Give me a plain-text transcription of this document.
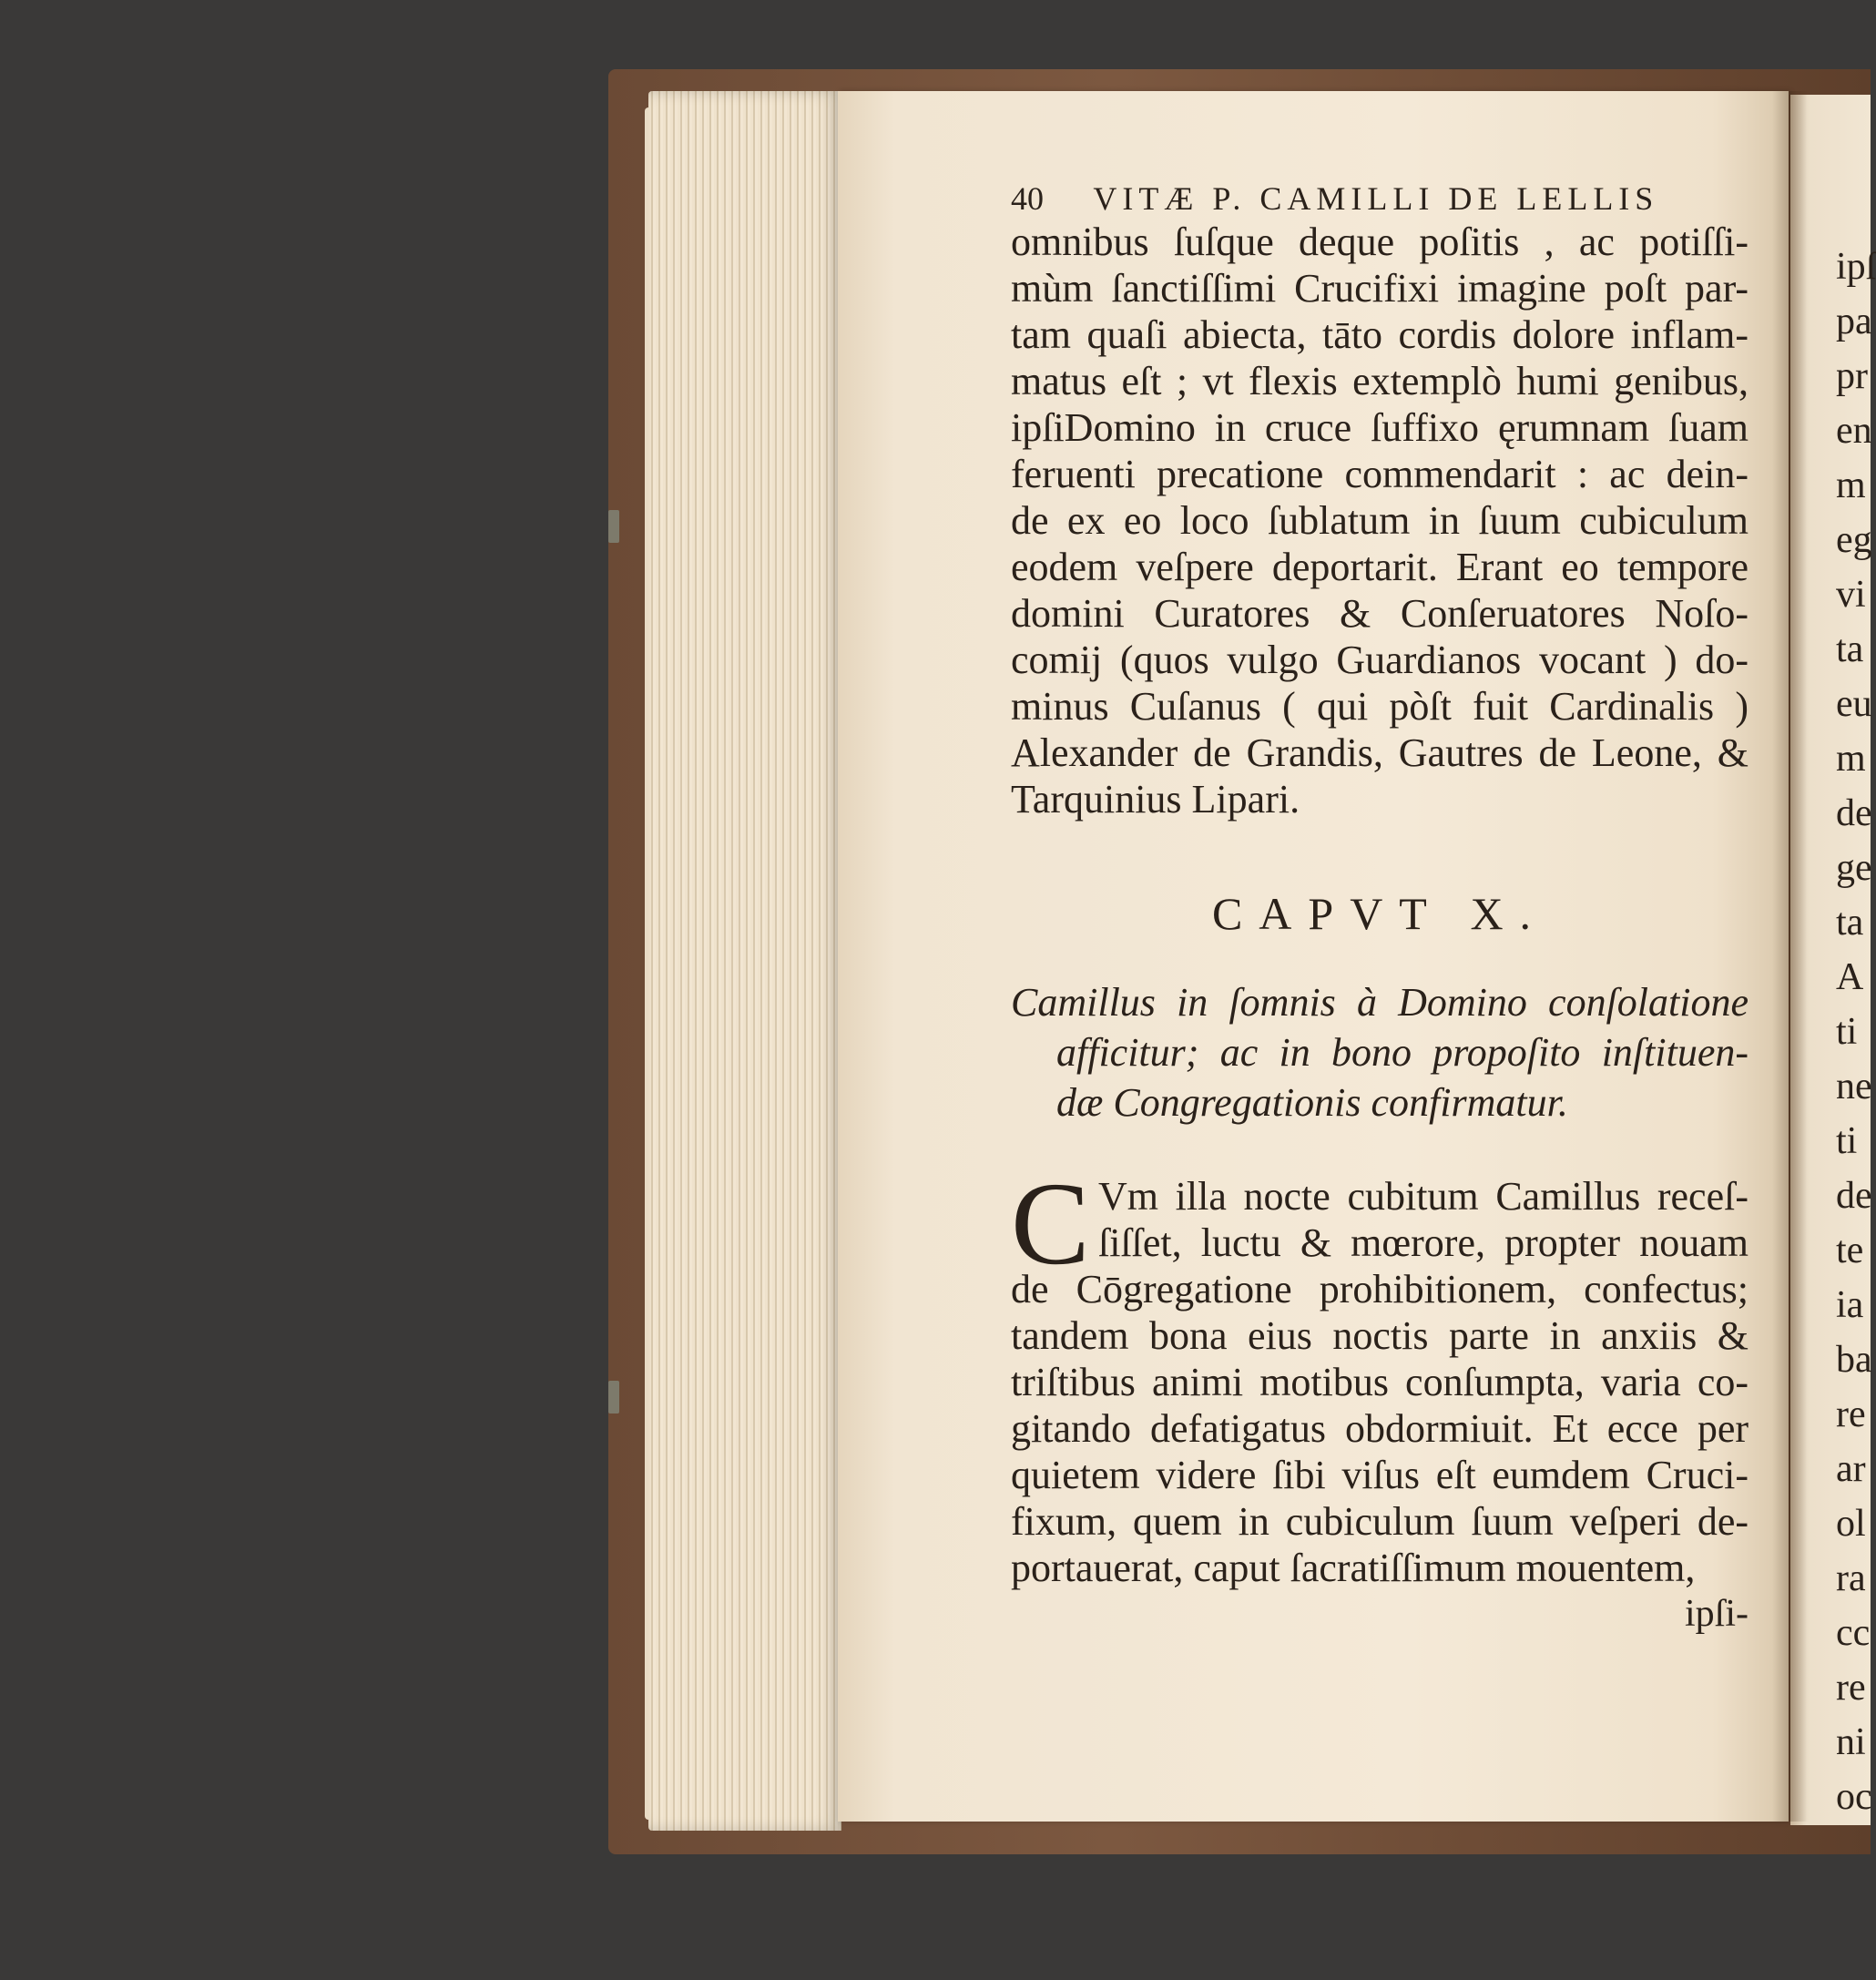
40 VITÆ P. CAMILLI DE LELLIS
omnibus ſuſque deque poſitis , ac potiſſi-
mùm ſanctiſſimi Crucifixi imagine poſt par-
tam quaſi abiecta, tāto cordis dolore inflam-
matus eſt ; vt flexis extemplò humi genibus,
ipſiDomino in cruce ſuffixo ęrumnam ſuam
feruenti precatione commendarit : ac dein-
de ex eo loco ſublatum in ſuum cubiculum
eodem veſpere deportarit. Erant eo tempore
domini Curatores & Conſeruatores Noſo-
comij (quos vulgo Guardianos vocant ) do-
minus Cuſanus ( qui pòſt fuit Cardinalis )
Alexander de Grandis, Gautres de Leone, &
Tarquinius Lipari.
CAPVT X.
Camillus in ſomnis à Domino conſolatione
afficitur; ac in bono propoſito inſtituen-
dæ Congregationis confirmatur.
C Vm illa nocte cubitum Camillus receſ-
ſiſſet, luctu & mœrore, propter nouam
de Cōgregatione prohibitionem, confectus;
tandem bona eius noctis parte in anxiis &
triſtibus animi motibus conſumpta, varia co-
gitando defatigatus obdormiuit. Et ecce per
quietem videre ſibi viſus eſt eumdem Cruci-
fixum, quem in cubiculum ſuum veſperi de-
portauerat, caput ſacratiſſimum mouentem,
ipſi-
ipſ
pa
pr
en
m
eg
vi
ta
eu
m
de
ge
ta
A
ti
ne
ti
de
te
ia
ba
re
ar
ol
ra
cc
re
ni
oc
